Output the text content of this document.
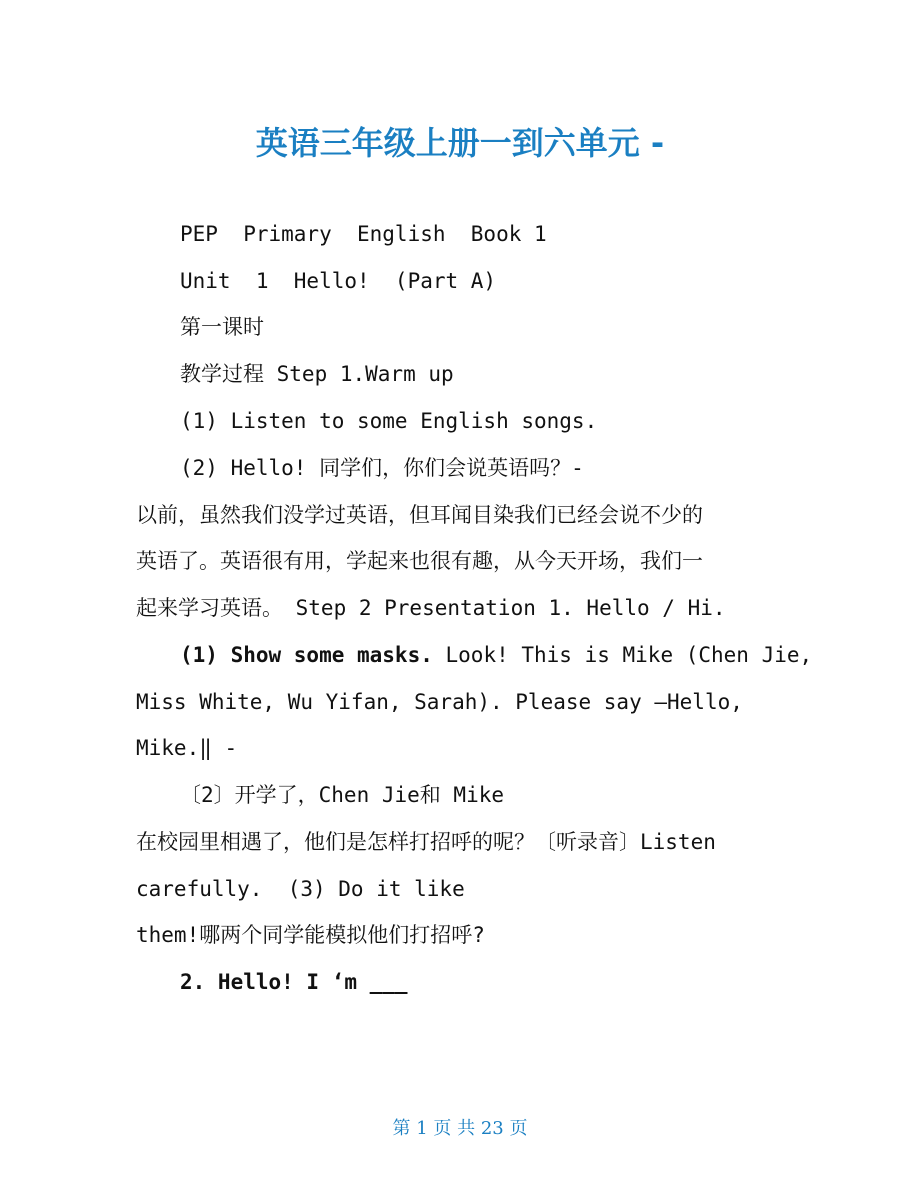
英语三年级上册一到六单元 -
PEP  Primary  English  Book 1
Unit  1  Hello!  (Part A)
第一课时
教学过程 Step 1.Warm up
(1) Listen to some English songs.
(2) Hello! 同学们，你们会说英语吗？-
以前，虽然我们没学过英语，但耳闻目染我们已经会说不少的
英语了。英语很有用，学起来也很有趣，从今天开场，我们一
起来学习英语。 Step 2 Presentation 1. Hello / Hi.
(1) Show some masks. Look! This is Mike (Chen Jie,
Miss White, Wu Yifan, Sarah). Please say ―Hello,
Mike.‖ -
〔2〕开学了，Chen Jie和 Mike
在校园里相遇了，他们是怎样打招呼的呢？〔听录音〕Listen
carefully.  (3) Do it like
them!哪两个同学能模拟他们打招呼?
2. Hello! I ‘m ___
第 1 页 共 23 页
